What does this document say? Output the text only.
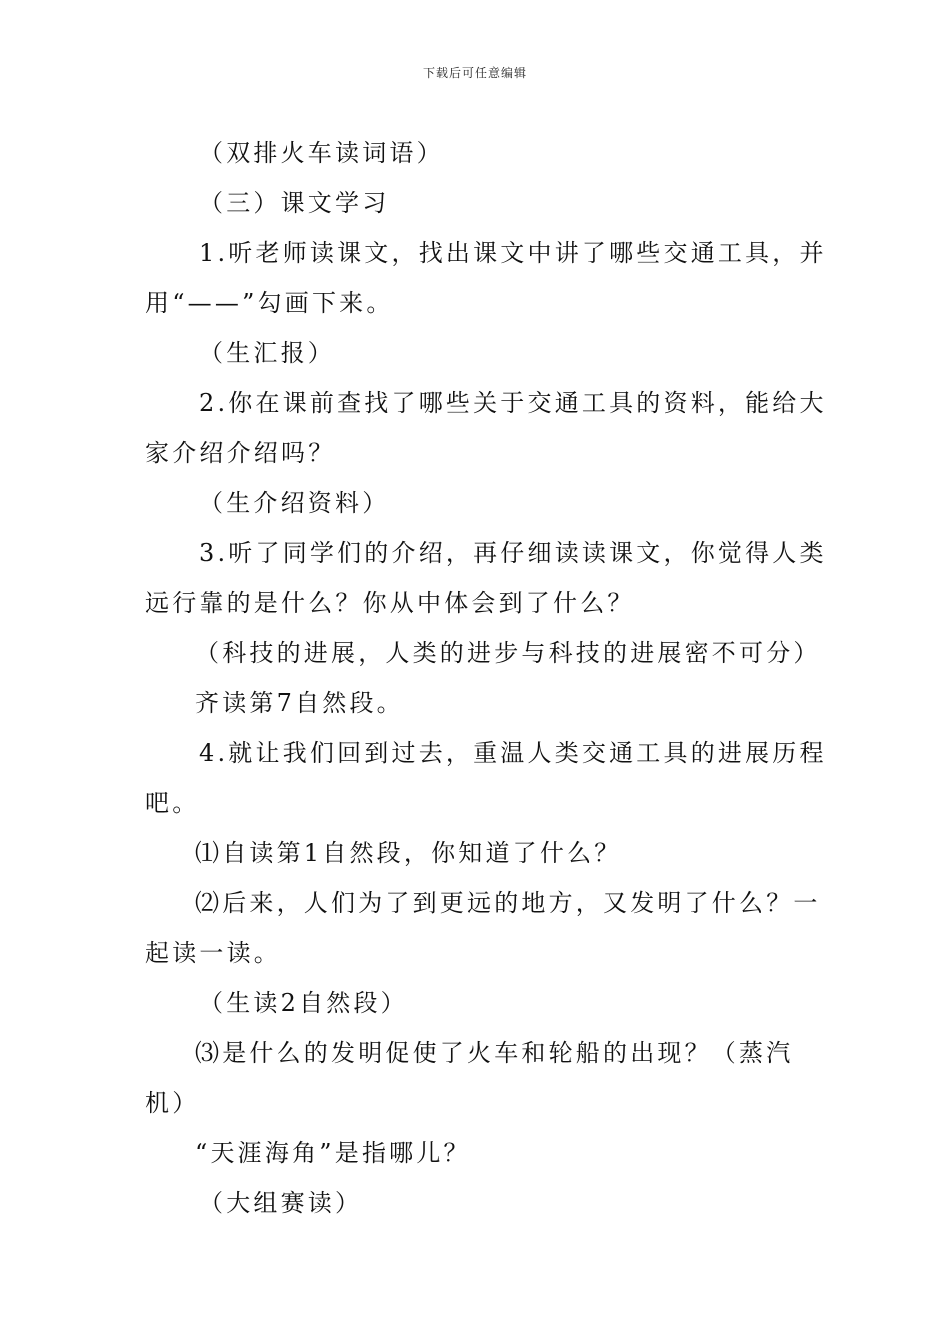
下载后可任意编辑
（双排火车读词语）
（三）课文学习
1.听老师读课文，找出课文中讲了哪些交通工具，并
用“——”勾画下来。
（生汇报）
2.你在课前查找了哪些关于交通工具的资料，能给大
家介绍介绍吗？
（生介绍资料）
3.听了同学们的介绍，再仔细读读课文，你觉得人类
远行靠的是什么？你从中体会到了什么？
（科技的进展，人类的进步与科技的进展密不可分）
齐读第7自然段。
4.就让我们回到过去，重温人类交通工具的进展历程
吧。
⑴自读第1自然段，你知道了什么？
⑵后来，人们为了到更远的地方，又发明了什么？一
起读一读。
（生读2自然段）
⑶是什么的发明促使了火车和轮船的出现？（蒸汽
机）
“天涯海角”是指哪儿？
（大组赛读）
